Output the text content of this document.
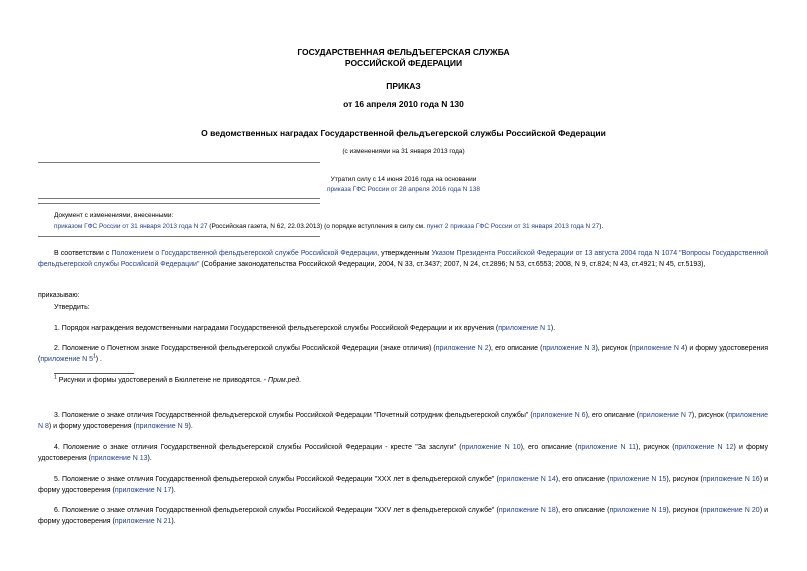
ГОСУДАРСТВЕННАЯ ФЕЛЬДЪЕГЕРСКАЯ СЛУЖБА
РОССИЙСКОЙ ФЕДЕРАЦИИ
ПРИКАЗ
от 16 апреля 2010 года N 130
О ведомственных наградах Государственной фельдъегерской службы Российской Федерации
(с изменениями на 31 января 2013 года)
Утратил силу с 14 июня 2016 года на основании
приказа ГФС России от 28 апреля 2016 года N 138
Документ с изменениями, внесенными:
приказом ГФС России от 31 января 2013 года N 27 (Российская газета, N 62, 22.03.2013) (о порядке вступления в силу см. пункт 2 приказа ГФС России от 31 января 2013 года N 27).
В соответствии с Положением о Государственной фельдъегерской службе Российской Федерации, утвержденным Указом Президента Российской Федерации от 13 августа 2004 года N 1074 "Вопросы Государственной фельдъегерской службы Российской Федерации" (Собрание законодательства Российской Федерации, 2004, N 33, ст.3437; 2007, N 24, ст.2896; N 53, ст.6553; 2008, N 9, ст.824; N 43, ст.4921; N 45, ст.5193),
приказываю:
Утвердить:
1. Порядок награждения ведомственными наградами Государственной фельдъегерской службы Российской Федерации и их вручения (приложение N 1).
2. Положение о Почетном знаке Государственной фельдъегерской службы Российской Федерации (знаке отличия) (приложение N 2), его описание (приложение N 3), рисунок (приложение N 4) и форму удостоверения (приложение N $5^1$) .
$^1$ Рисунки и формы удостоверений в Бюллетене не приводятся. - Прим.ред.
3. Положение о знаке отличия Государственной фельдъегерской службы Российской Федерации "Почетный сотрудник фельдъегерской службы" (приложение N 6), его описание (приложение N 7), рисунок (приложение N 8) и форму удостоверения (приложение N 9).
4. Положение о знаке отличия Государственной фельдъегерской службы Российской Федерации - кресте "За заслуги" (приложение N 10), его описание (приложение N 11), рисунок (приложение N 12) и форму удостоверения (приложение N 13).
5. Положение о знаке отличия Государственной фельдъегерской службы Российской Федерации "XXX лет в фельдъегерской службе" (приложение N 14), его описание (приложение N 15), рисунок (приложение N 16) и форму удостоверения (приложение N 17).
6. Положение о знаке отличия Государственной фельдъегерской службы Российской Федерации "XXV лет в фельдъегерской службе" (приложение N 18), его описание (приложение N 19), рисунок (приложение N 20) и форму удостоверения (приложение N 21).
